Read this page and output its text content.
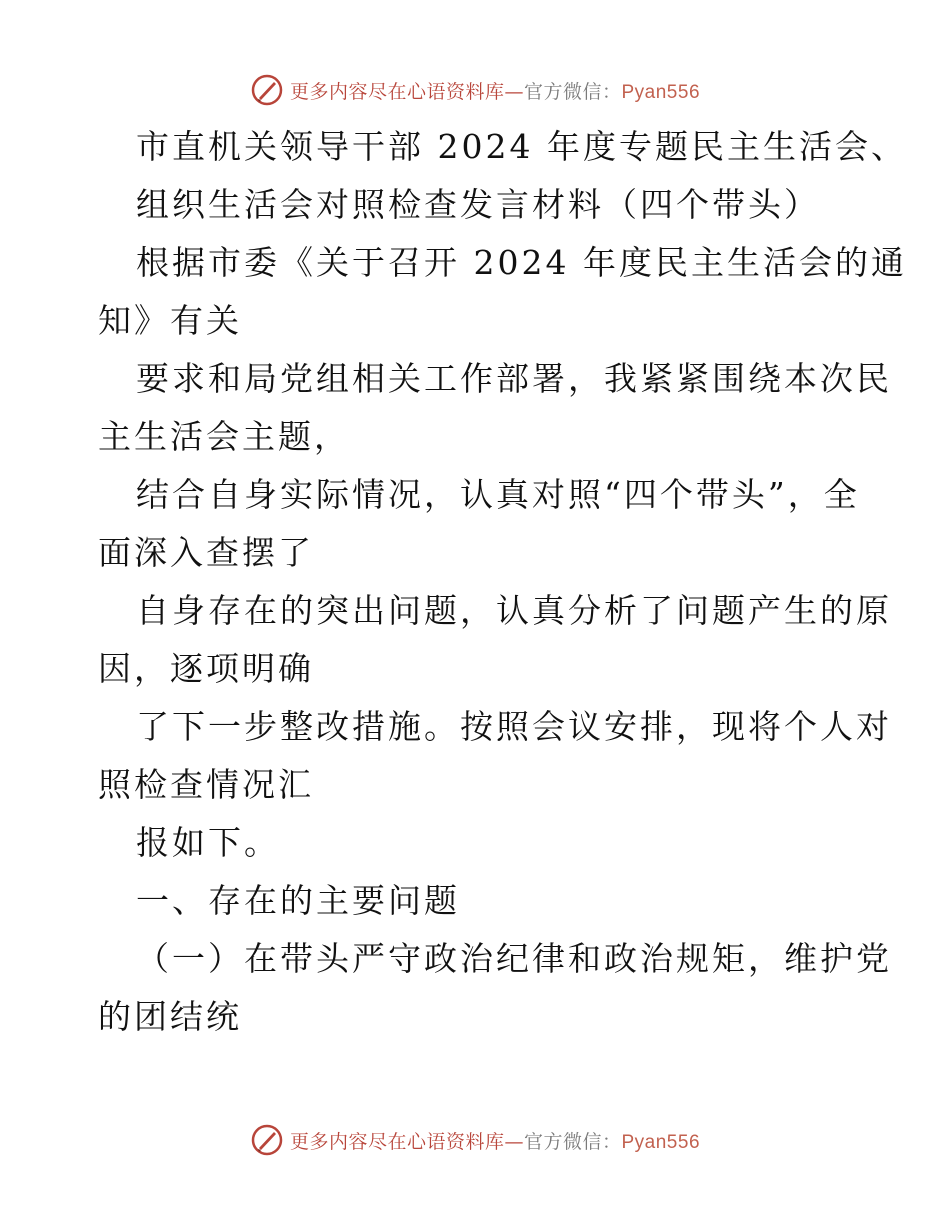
更多内容尽在心语资料库—官方微信：Pyan556
市直机关领导干部 2024 年度专题民主生活会、
组织生活会对照检查发言材料（四个带头）
根据市委《关于召开 2024 年度民主生活会的通
知》有关
要求和局党组相关工作部署，我紧紧围绕本次民
主生活会主题，
结合自身实际情况，认真对照“四个带头”，全
面深入查摆了
自身存在的突出问题，认真分析了问题产生的原
因，逐项明确
了下一步整改措施。按照会议安排，现将个人对
照检查情况汇
报如下。
一、存在的主要问题
（一）在带头严守政治纪律和政治规矩，维护党
的团结统
更多内容尽在心语资料库—官方微信：Pyan556
